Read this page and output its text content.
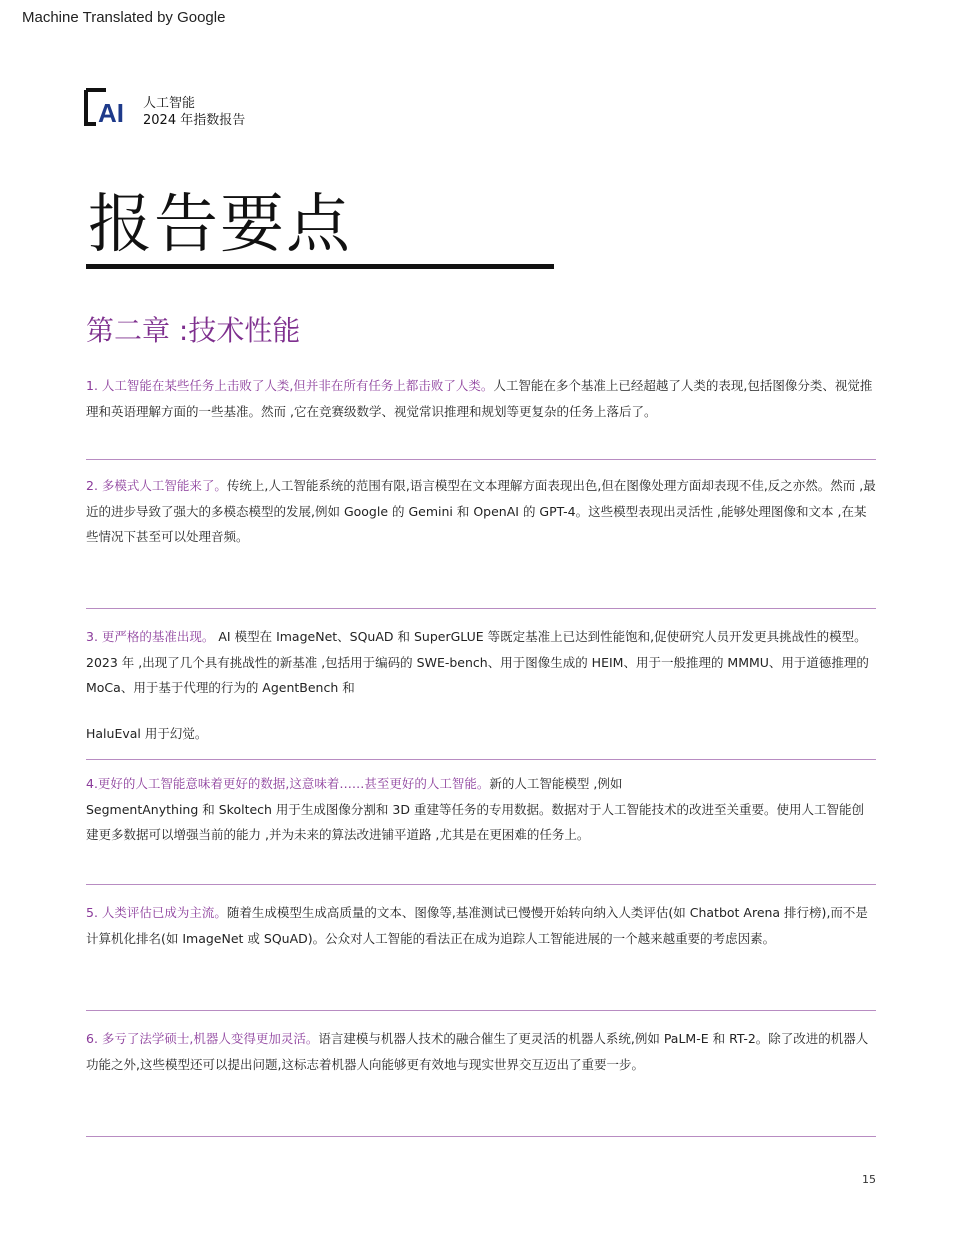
Machine Translated by Google
AI 人工智能
2024 年指数报告
报告要点
第二章 :技术性能

1. 人工智能在某些任务上击败了人类,但并非在所有任务上都击败了人类。人工智能在多个基准上已经超越了人类的表现,包括图像分类、视觉推理和英语理解方面的一些基准。然而 ,它在竞赛级数学、视觉常识推理和规划等更复杂的任务上落后了。

2. 多模式人工智能来了。传统上,人工智能系统的范围有限,语言模型在文本理解方面表现出色,但在图像处理方面却表现不佳,反之亦然。然而 ,最近的进步导致了强大的多模态模型的发展,例如 Google 的 Gemini 和 OpenAI 的 GPT-4。这些模型表现出灵活性 ,能够处理图像和文本 ,在某些情况下甚至可以处理音频。

3. 更严格的基准出现。 AI 模型在 ImageNet、SQuAD 和 SuperGLUE 等既定基准上已达到性能饱和,促使研究人员开发更具挑战性的模型。 2023 年 ,出现了几个具有挑战性的新基准 ,包括用于编码的 SWE-bench、用于图像生成的 HEIM、用于一般推理的 MMMU、用于道德推理的 MoCa、用于基于代理的行为的 AgentBench 和

HaluEval 用于幻觉。

4.更好的人工智能意味着更好的数据,这意味着……甚至更好的人工智能。新的人工智能模型 ,例如

SegmentAnything 和 Skoltech 用于生成图像分割和 3D 重建等任务的专用数据。数据对于人工智能技术的改进至关重要。使用人工智能创建更多数据可以增强当前的能力 ,并为未来的算法改进铺平道路 ,尤其是在更困难的任务上。

5. 人类评估已成为主流。随着生成模型生成高质量的文本、图像等,基准测试已慢慢开始转向纳入人类评估(如 Chatbot Arena 排行榜),而不是计算机化排名(如 ImageNet 或 SQuAD)。公众对人工智能的看法正在成为追踪人工智能进展的一个越来越重要的考虑因素。

6. 多亏了法学硕士,机器人变得更加灵活。语言建模与机器人技术的融合催生了更灵活的机器人系统,例如 PaLM-E 和 RT-2。除了改进的机器人功能之外,这些模型还可以提出问题,这标志着机器人向能够更有效地与现实世界交互迈出了重要一步。

15
